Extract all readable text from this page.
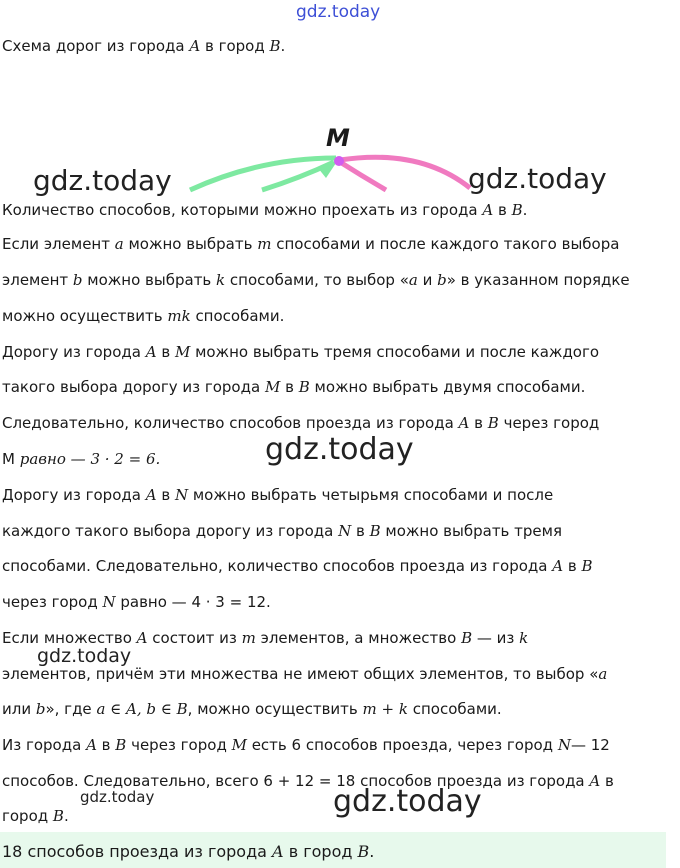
M
gdz.today
gdz.today	gdz.today
gdz.today
gdz.today
gdz.today	gdz.today
Схема дорог из города A в город B.
Количество способов, которыми можно проехать из города A в B.
Если элемент a можно выбрать m способами и после каждого такого выбора
элемент b можно выбрать k способами, то выбор «a и b» в указанном порядке
можно осуществить mk способами.
Дорогу из города A в M можно выбрать тремя способами и после каждого
такого выбора дорогу из города M в B можно выбрать двумя способами.
Следовательно, количество способов проезда из города A в B через город
M равно — 3 · 2 = 6.
Дорогу из города A в N можно выбрать четырьмя способами и после
каждого такого выбора дорогу из города N в B можно выбрать тремя
способами. Следовательно, количество способов проезда из города A в B
через город N равно — 4 · 3 = 12.
Если множество A состоит из m элементов, а множество B — из k
элементов, причём эти множества не имеют общих элементов, то выбор «a
или b», где a ∈ A, b ∈ B, можно осуществить m + k способами.
Из города A в B через город M есть 6 способов проезда, через город N— 12
способов. Следовательно, всего 6 + 12 = 18 способов проезда из города A в
город B.
18 способов проезда из города A в город B.
